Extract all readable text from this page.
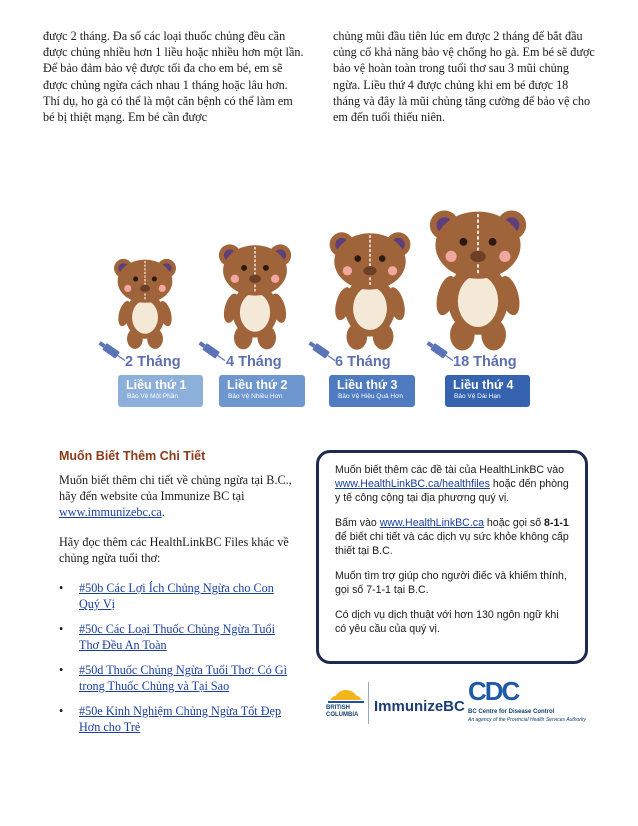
được 2 tháng. Đa số các loại thuốc chủng đều cần được chủng nhiều hơn 1 liều hoặc nhiều hơn một lần. Để bảo đảm bảo vệ được tối đa cho em bé, em sẽ được chủng ngừa cách nhau 1 tháng hoặc lâu hơn. Thí dụ, ho gà có thể là một căn bệnh có thể làm em bé bị thiệt mạng. Em bé cần được

chủng mũi đầu tiên lúc em được 2 tháng để bắt đầu củng cố khả năng bảo vệ chống ho gà. Em bé sẽ được bảo vệ hoàn toàn trong tuổi thơ sau 3 mũi chủng ngừa. Liều thứ 4 được chủng khi em bé được 18 tháng và đây là mũi chủng tăng cường để bảo vệ cho em đến tuổi thiếu niên.

2 Tháng	4 Tháng	6 Tháng	18 Tháng
Liều thứ 1
Bảo Vệ Một Phần
Liều thứ 2
Bảo Vệ Nhiều Hơn
Liều thứ 3
Bảo Vệ Hiệu Quả Hơn
Liều thứ 4
Bảo Vệ Dài Hạn
Muốn Biết Thêm Chi Tiết

Muốn biết thêm chi tiết về chủng ngừa tại B.C., hãy đến website của Immunize BC tại www.immunizebc.ca.

Hãy đọc thêm các HealthLinkBC Files khác về chủng ngừa tuổi thơ:

• #50b Các Lợi Ích Chủng Ngừa cho Con Quý Vị
• #50c Các Loại Thuốc Chủng Ngừa Tuổi Thơ Đều An Toàn
• #50d Thuốc Chủng Ngừa Tuổi Thơ: Có Gì trong Thuốc Chủng và Tại Sao
• #50e Kinh Nghiệm Chủng Ngừa Tốt Đẹp Hơn cho Trẻ

Muốn biết thêm các đề tài của HealthLinkBC vào www.HealthLinkBC.ca/healthfiles hoặc đến phòng y tế công cộng tại địa phương quý vị.

Bấm vào www.HealthLinkBC.ca hoặc gọi số 8-1-1 để biết chi tiết và các dịch vụ sức khỏe không cấp thiết tại B.C.

Muốn tìm trợ giúp cho người điếc và khiếm thính, gọi số 7-1-1 tại B.C.

Có dịch vụ dịch thuật với hơn 130 ngôn ngữ khi có yêu cầu của quý vị.

BRITISH
COLUMBIA ImmunizeBC
CDC
BC Centre for Disease Control
An agency of the Provincial Health Services Authority
